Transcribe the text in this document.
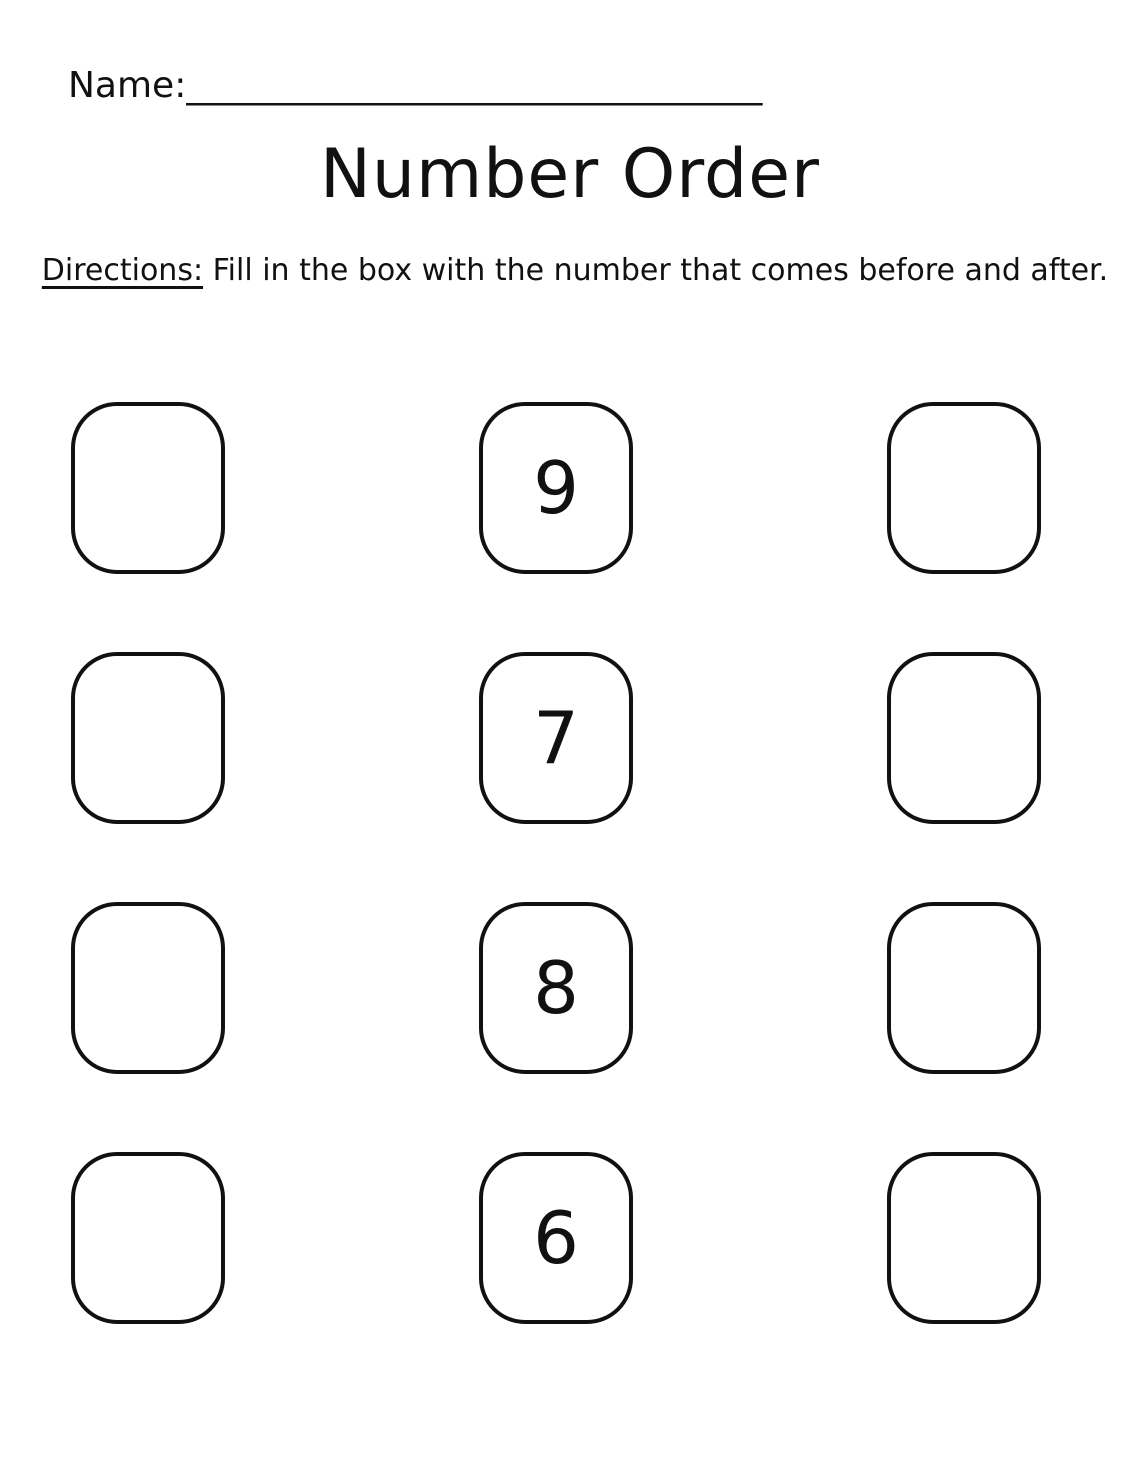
Name:________________________________
Number Order
Directions: Fill in the box with the number that comes before and after.
9
7
8
6
